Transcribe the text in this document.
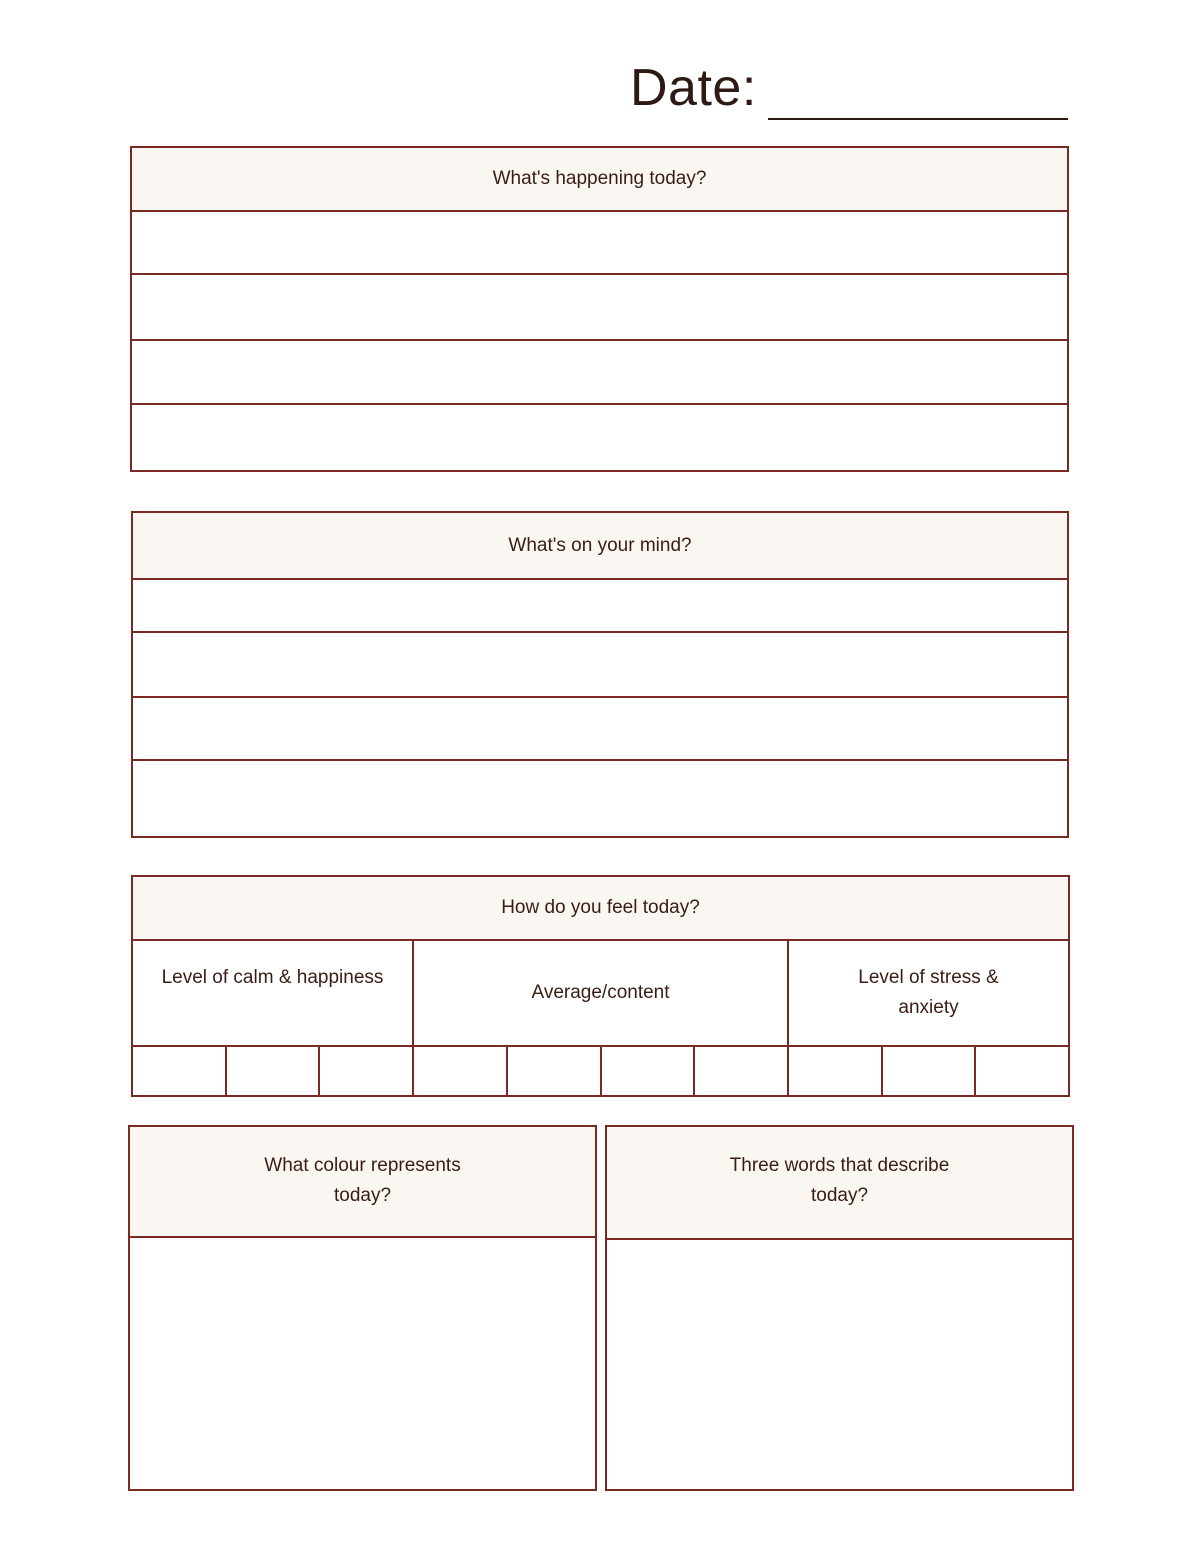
Date:
What's happening today?
What's on your mind?
How do you feel today?
Level of calm & happiness
Average/content
Level of stress &
anxiety
What colour represents
today?
Three words that describe
today?
